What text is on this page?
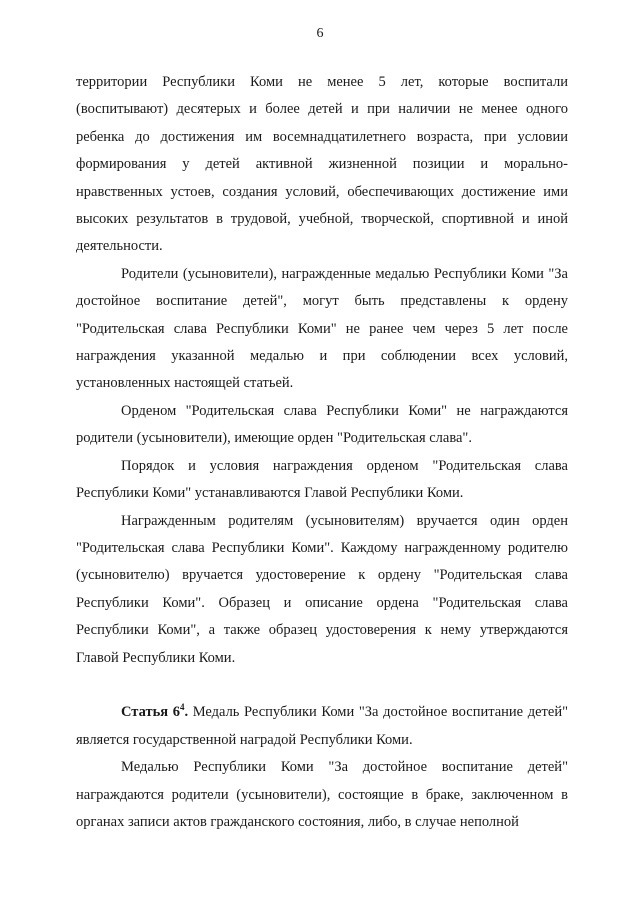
6

территории Республики Коми не менее 5 лет, которые воспитали (воспитывают) десятерых и более детей и при наличии не менее одного ребенка до достижения им восемнадцатилетнего возраста, при условии формирования у детей активной жизненной позиции и морально-нравственных устоев, создания условий, обеспечивающих достижение ими высоких результатов в трудовой, учебной, творческой, спортивной и иной деятельности.

Родители (усыновители), награжденные медалью Республики Коми "За достойное воспитание детей", могут быть представлены к ордену "Родительская слава Республики Коми" не ранее чем через 5 лет после награждения указанной медалью и при соблюдении всех условий, установленных настоящей статьей.

Орденом "Родительская слава Республики Коми" не награждаются родители (усыновители), имеющие орден "Родительская слава".

Порядок и условия награждения орденом "Родительская слава Республики Коми" устанавливаются Главой Республики Коми.

Награжденным родителям (усыновителям) вручается один орден "Родительская слава Республики Коми". Каждому награжденному родителю (усыновителю) вручается удостоверение к ордену "Родительская слава Республики Коми". Образец и описание ордена "Родительская слава Республики Коми", а также образец удостоверения к нему утверждаются Главой Республики Коми.

Статья $6^4$. Медаль Республики Коми "За достойное воспитание детей" является государственной наградой Республики Коми.

Медалью Республики Коми "За достойное воспитание детей" награждаются родители (усыновители), состоящие в браке, заключенном в органах записи актов гражданского состояния, либо, в случае неполной
